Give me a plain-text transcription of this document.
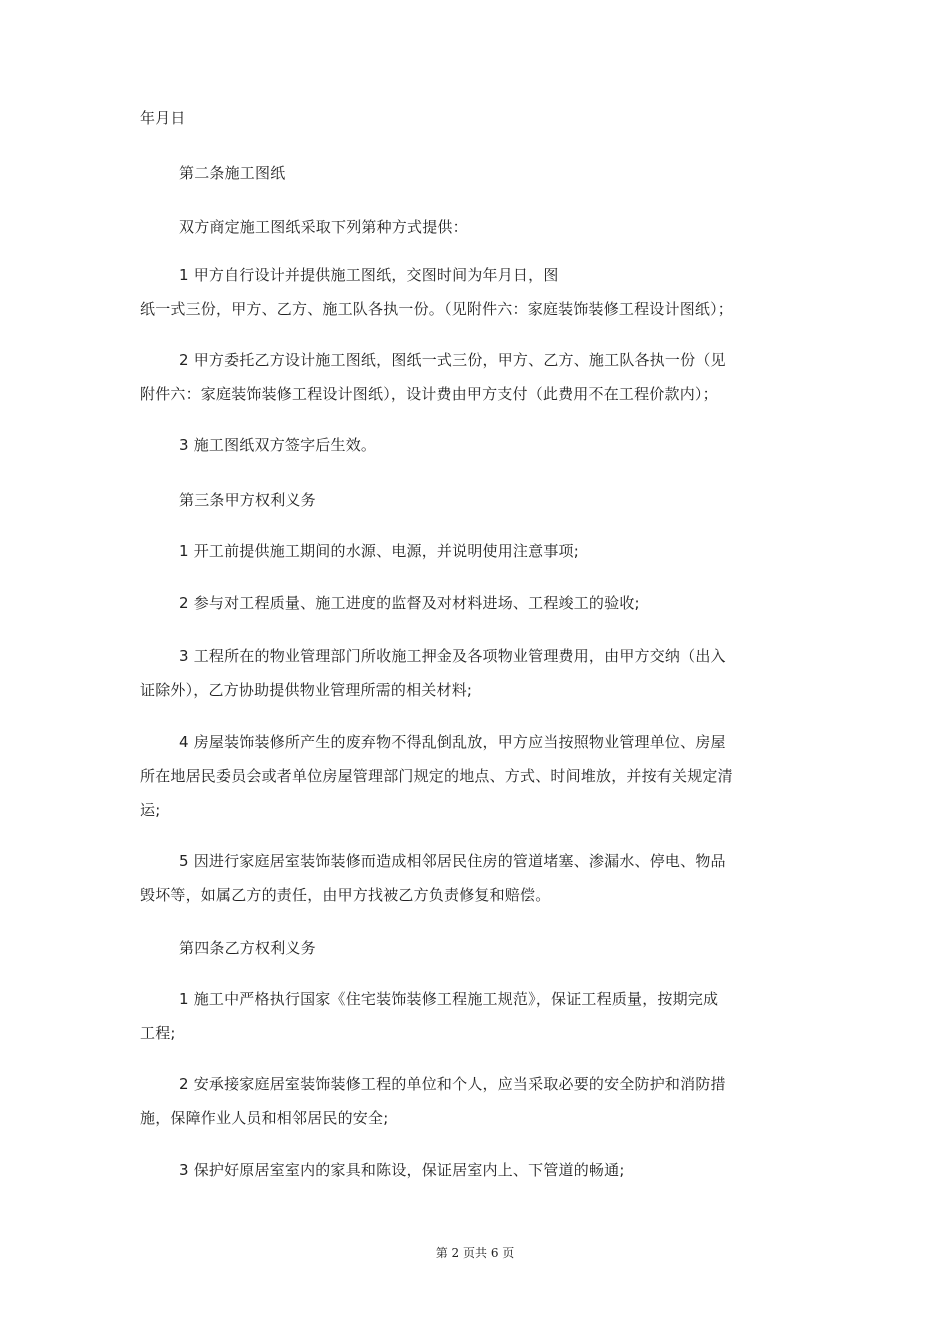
年月日
第二条施工图纸
双方商定施工图纸采取下列第种方式提供：
1 甲方自行设计并提供施工图纸，交图时间为年月日，图
纸一式三份，甲方、乙方、施工队各执一份。（见附件六：家庭装饰装修工程设计图纸）；
2 甲方委托乙方设计施工图纸，图纸一式三份，甲方、乙方、施工队各执一份（见
附件六：家庭装饰装修工程设计图纸），设计费由甲方支付（此费用不在工程价款内）；
3 施工图纸双方签字后生效。
第三条甲方权利义务
1 开工前提供施工期间的水源、电源，并说明使用注意事项;
2 参与对工程质量、施工进度的监督及对材料进场、工程竣工的验收;
3 工程所在的物业管理部门所收施工押金及各项物业管理费用，由甲方交纳（出入
证除外），乙方协助提供物业管理所需的相关材料;
4 房屋装饰装修所产生的废弃物不得乱倒乱放，甲方应当按照物业管理单位、房屋
所在地居民委员会或者单位房屋管理部门规定的地点、方式、时间堆放，并按有关规定清
运;
5 因进行家庭居室装饰装修而造成相邻居民住房的管道堵塞、渗漏水、停电、物品
毁坏等，如属乙方的责任，由甲方找被乙方负责修复和赔偿。
第四条乙方权利义务
1 施工中严格执行国家《住宅装饰装修工程施工规范》，保证工程质量，按期完成
工程;
2 安承接家庭居室装饰装修工程的单位和个人，应当采取必要的安全防护和消防措
施，保障作业人员和相邻居民的安全;
3 保护好原居室室内的家具和陈设，保证居室内上、下管道的畅通;
第 2 页共 6 页
